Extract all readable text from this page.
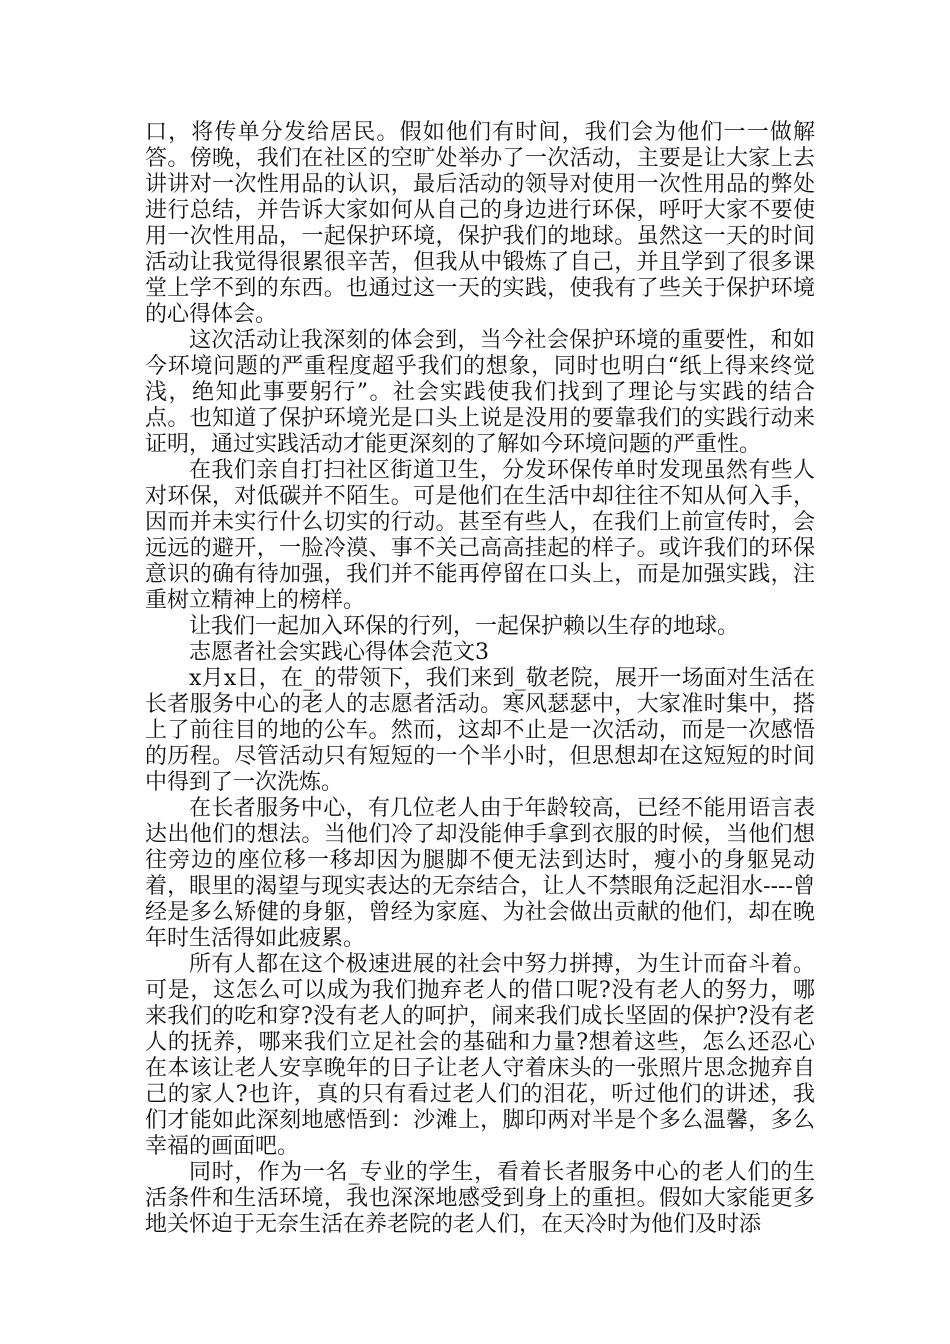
口，将传单分发给居民。假如他们有时间，我们会为他们一一做解答。傍晚，我们在社区的空旷处举办了一次活动，主要是让大家上去讲讲对一次性用品的认识，最后活动的领导对使用一次性用品的弊处进行总结，并告诉大家如何从自己的身边进行环保，呼吁大家不要使用一次性用品，一起保护环境，保护我们的地球。虽然这一天的时间活动让我觉得很累很辛苦，但我从中锻炼了自己，并且学到了很多课堂上学不到的东西。也通过这一天的实践，使我有了些关于保护环境的心得体会。

这次活动让我深刻的体会到，当今社会保护环境的重要性，和如今环境问题的严重程度超乎我们的想象，同时也明白“纸上得来终觉浅，绝知此事要躬行”。社会实践使我们找到了理论与实践的结合点。也知道了保护环境光是口头上说是没用的要靠我们的实践行动来证明，通过实践活动才能更深刻的了解如今环境问题的严重性。

在我们亲自打扫社区街道卫生，分发环保传单时发现虽然有些人对环保，对低碳并不陌生。可是他们在生活中却往往不知从何入手，因而并未实行什么切实的行动。甚至有些人，在我们上前宣传时，会远远的避开，一脸冷漠、事不关己高高挂起的样子。或许我们的环保意识的确有待加强，我们并不能再停留在口头上，而是加强实践，注重树立精神上的榜样。

让我们一起加入环保的行列，一起保护赖以生存的地球。

志愿者社会实践心得体会范文3

x月x日，在_的带领下，我们来到_敬老院，展开一场面对生活在长者服务中心的老人的志愿者活动。寒风瑟瑟中，大家准时集中，搭上了前往目的地的公车。然而，这却不止是一次活动，而是一次感悟的历程。尽管活动只有短短的一个半小时，但思想却在这短短的时间中得到了一次洗炼。

在长者服务中心，有几位老人由于年龄较高，已经不能用语言表达出他们的想法。当他们冷了却没能伸手拿到衣服的时候，当他们想往旁边的座位移一移却因为腿脚不便无法到达时，瘦小的身躯晃动着，眼里的渴望与现实表达的无奈结合，让人不禁眼角泛起泪水----曾经是多么矫健的身躯，曾经为家庭、为社会做出贡献的他们，却在晚年时生活得如此疲累。

所有人都在这个极速进展的社会中努力拼搏，为生计而奋斗着。可是，这怎么可以成为我们抛弃老人的借口呢?没有老人的努力，哪来我们的吃和穿?没有老人的呵护，闹来我们成长坚固的保护?没有老人的抚养，哪来我们立足社会的基础和力量?想着这些，怎么还忍心在本该让老人安享晚年的日子让老人守着床头的一张照片思念抛弃自己的家人?也许，真的只有看过老人们的泪花，听过他们的讲述，我们才能如此深刻地感悟到：沙滩上，脚印两对半是个多么温馨，多么幸福的画面吧。

同时，作为一名_专业的学生，看着长者服务中心的老人们的生活条件和生活环境，我也深深地感受到身上的重担。假如大家能更多地关怀迫于无奈生活在养老院的老人们，在天冷时为他们及时添
